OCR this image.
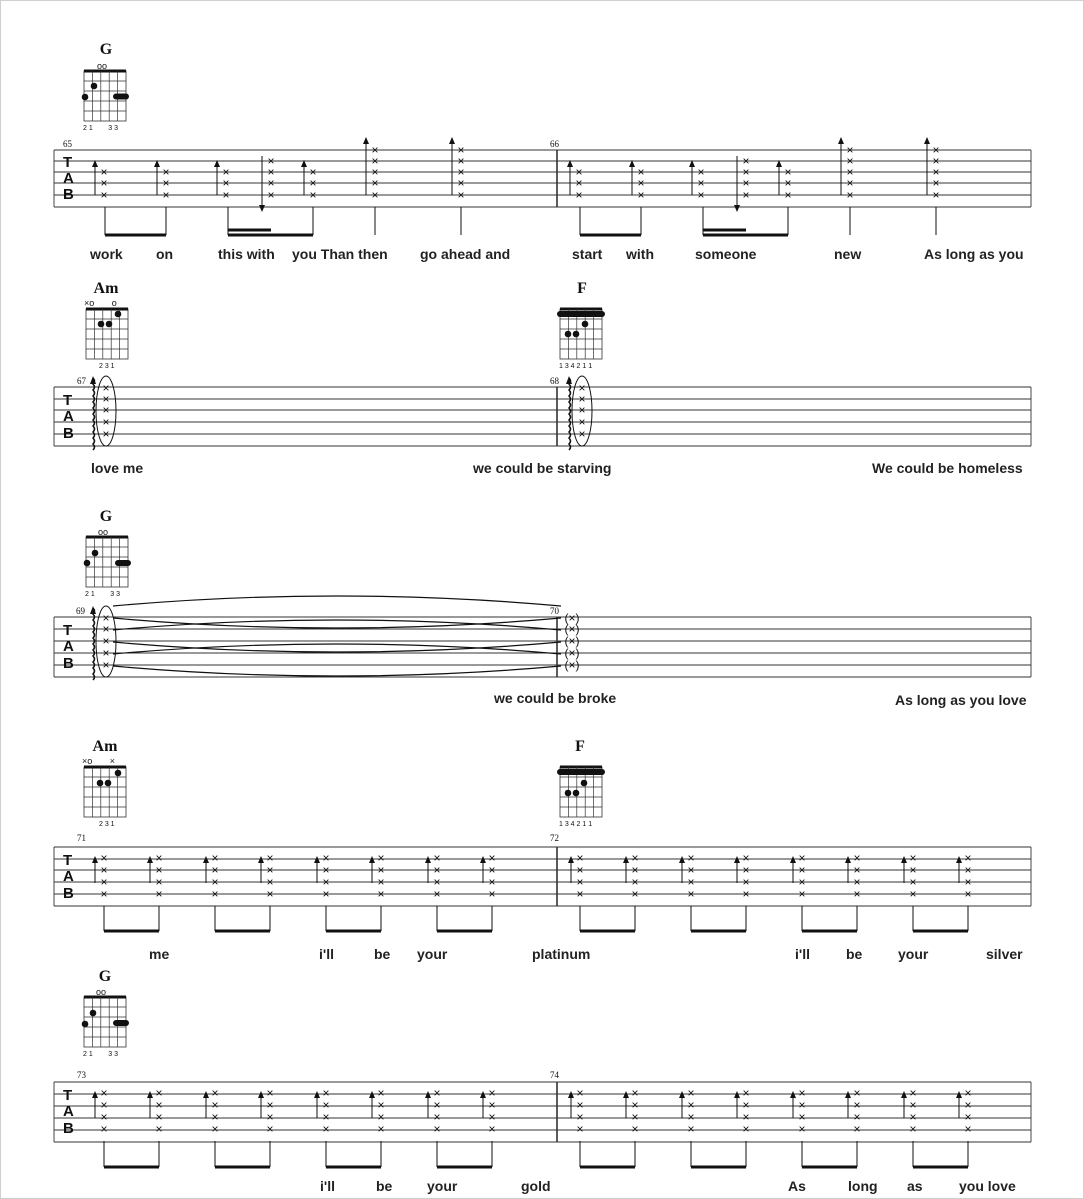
G
oo
2 1        3 3
65	66
T
A
B
×
×
×
×
×
×
×
×
×
×
×
×
×
×
×
×
×
×
×
×
×
×
×
×
×
×
×
×
×
×
×
×
×
×
×
×
×
×
×
×
×
×
×
×
×
×
×
×
×
×
×
×
work on	this with you Than then go ahead and	start with	someone	new	As long as you
Am
×o       o
2 3 1
F
1 3 4 2 1 1
67	68
T
A
B
×
×
×
×
×
×
×
×
×
×
love me	we could be starving	We could be homeless
G
oo
2 1        3 3
69	70
T
A
B
×
×
×
×
×
(×)
(×)
(×)
(×)
(×)
we could be broke	As long as you love
Am
×o       ×
2 3 1
F
1 3 4 2 1 1
71	72
T
A
B
×
×
×
×
×
×
×
×
×
×
×
×
×
×
×
×
×
×
×
×
×
×
×
×
×
×
×
×
×
×
×
×
×
×
×
×
×
×
×
×
×
×
×
×
×
×
×
×
×	×	×	×	×	×	×	×	×	×	×	×	×	×	×	×
me	i'll	be your	platinum	i'll	be	your	silver
G
oo
2 1        3 3
73	74
T
A
B
×
×
×
×
×
×
×
×
×
×
×
×
×
×
×
×
×
×
×
×
×
×
×
×
×
×
×
×
×
×
×
×
×
×
×
×
×
×
×
×
×
×
×
×
×
×
×
×
×	×	×	×	×	×	×	×	×	×	×	×	×	×	×	×
i'll	be your	gold	As	long as	you love
